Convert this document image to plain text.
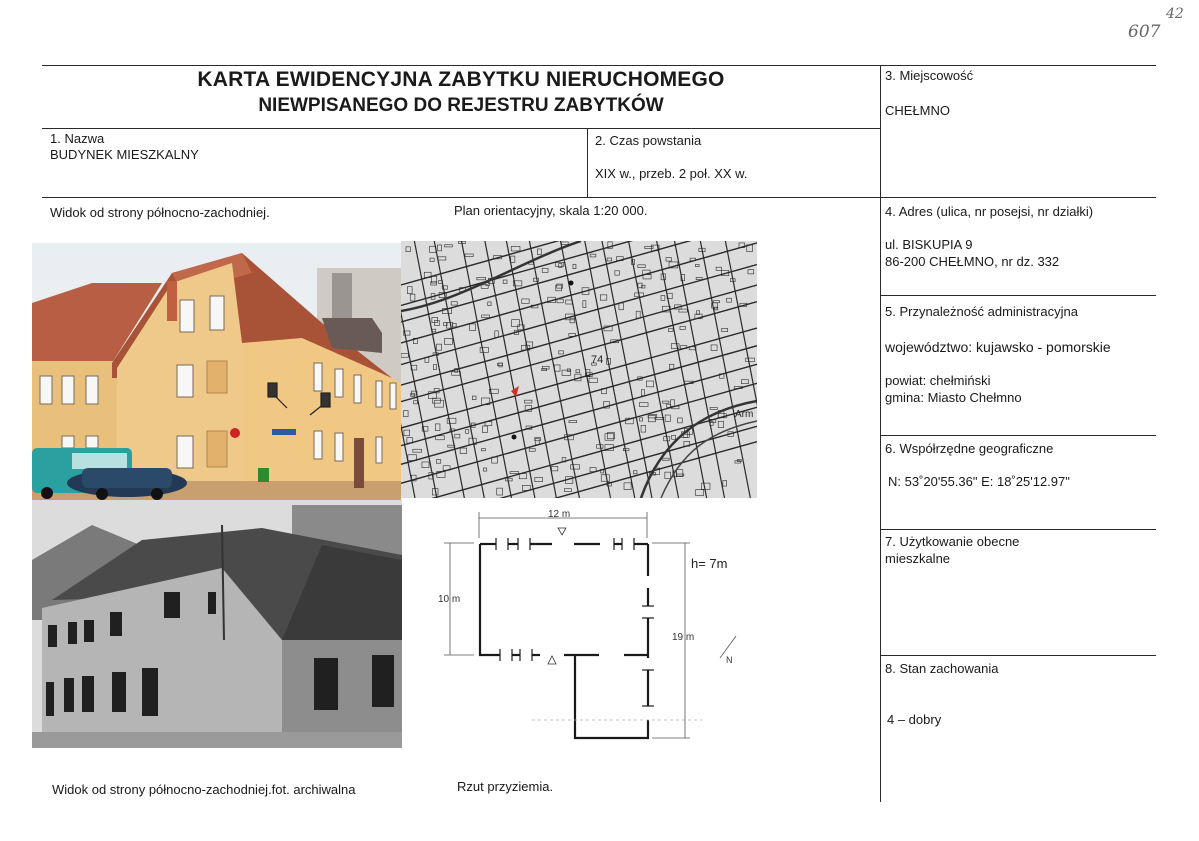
607
42
KARTA EWIDENCYJNA ZABYTKU NIERUCHOMEGO
NIEWPISANEGO DO REJESTRU ZABYTKÓW
1. Nazwa
BUDYNEK MIESZKALNY
2. Czas powstania
XIX w., przeb. 2 poł. XX w.
3. Miejscowość
CHEŁMNO
4. Adres (ulica, nr posejsi, nr działki)
ul. BISKUPIA 9
86-200 CHEŁMNO, nr dz. 332
5. Przynależność administracyjna
województwo: kujawsko - pomorskie
powiat: chełmiński
gmina: Miasto Chełmno
6. Współrzędne geograficzne
N: 53˚20'55.36" E: 18˚25'12.97"
7. Użytkowanie obecne
mieszkalne
8. Stan zachowania
4 – dobry
Widok od strony północno-zachodniej.	Plan orientacyjny, skala 1:20 000.
Widok od strony północno-zachodniej.fot. archiwalna	Rzut przyziemia.
74
Arm
12 m
10 m
19 m
h= 7m
N
